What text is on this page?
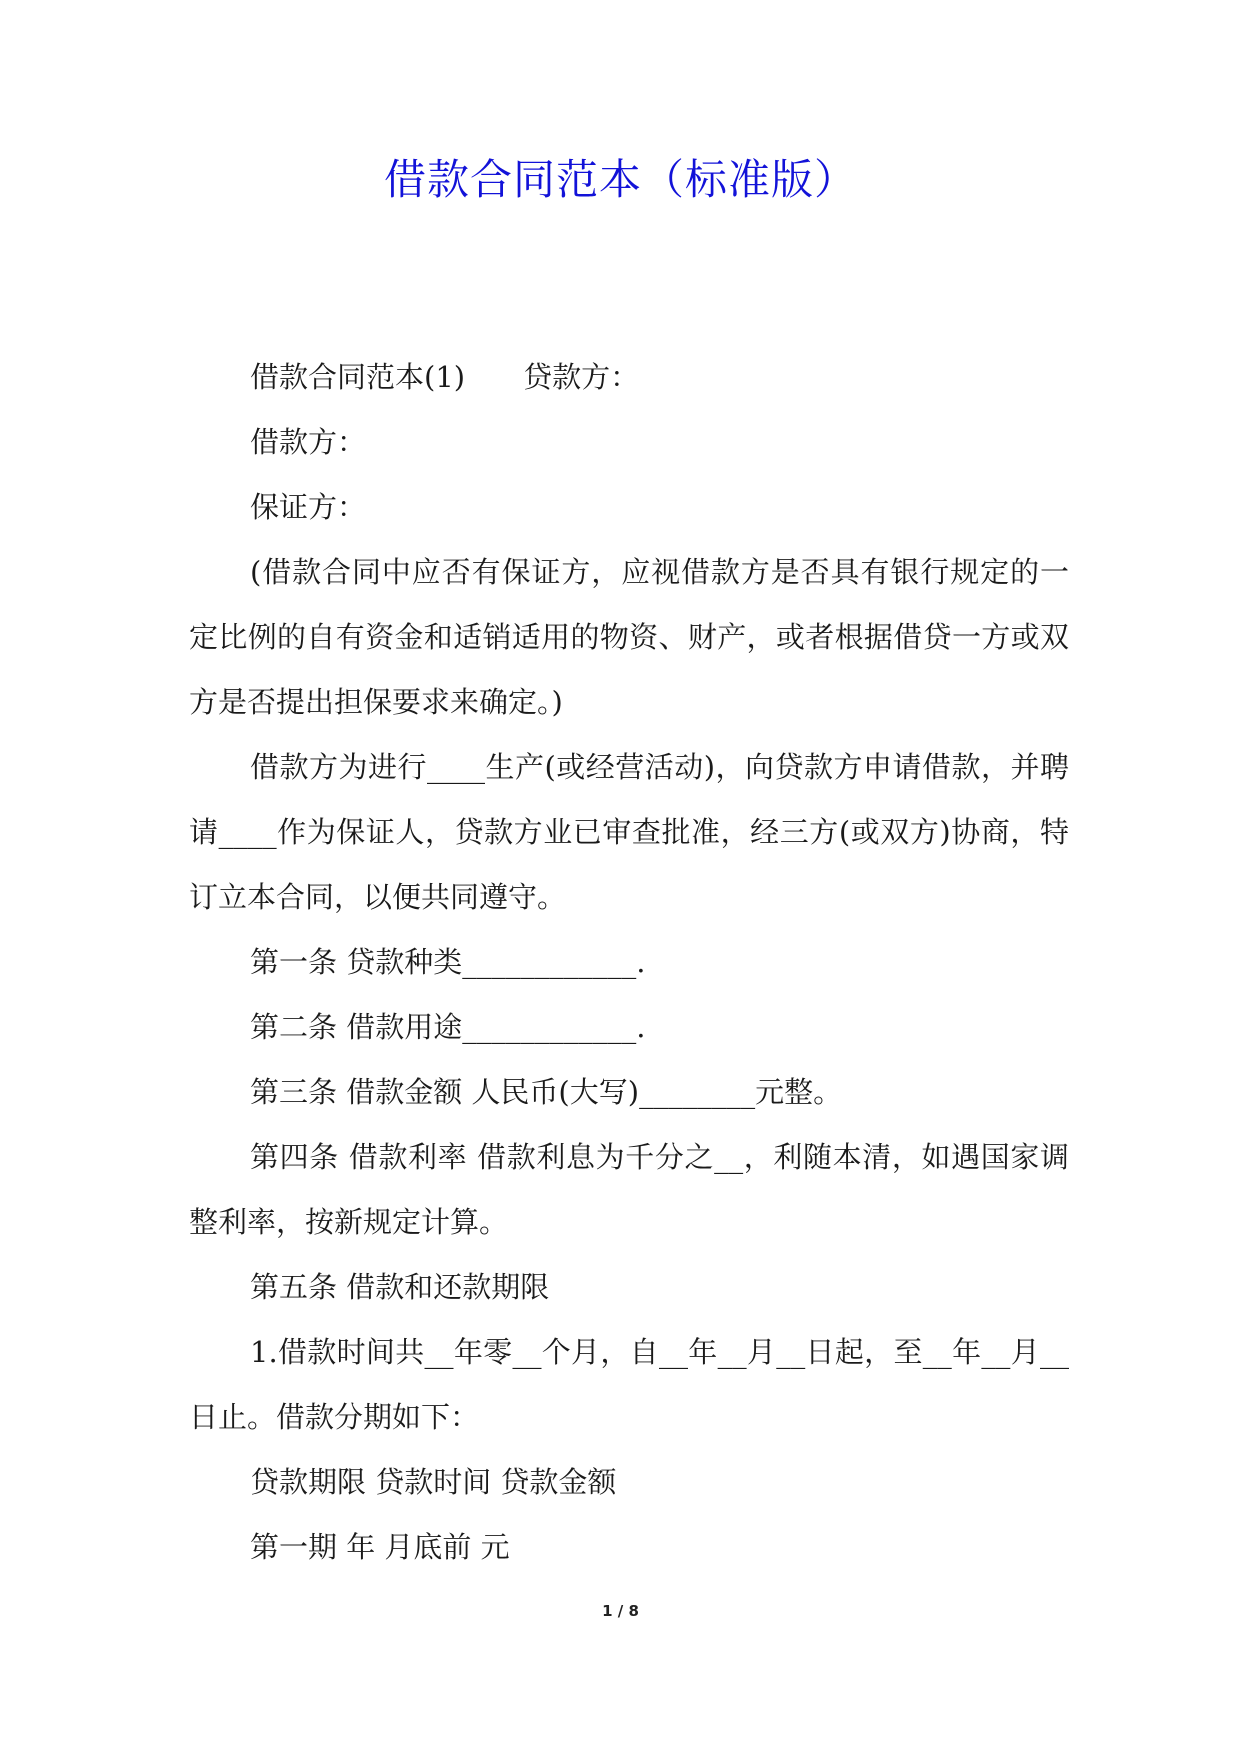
借款合同范本（标准版）

借款合同范本(1)　　贷款方：

借款方：

保证方：

(借款合同中应否有保证方，应视借款方是否具有银行规定的一定比例的自有资金和适销适用的物资、财产，或者根据借贷一方或双方是否提出担保要求来确定。)

借款方为进行____生产(或经营活动)，向贷款方申请借款，并聘请____作为保证人，贷款方业已审查批准，经三方(或双方)协商，特订立本合同，以便共同遵守。

第一条 贷款种类____________.

第二条 借款用途____________.

第三条 借款金额 人民币(大写)________元整。

第四条 借款利率 借款利息为千分之__，利随本清，如遇国家调整利率，按新规定计算。

第五条 借款和还款期限

1.借款时间共__年零__个月，自__年__月__日起，至__年__月__日止。借款分期如下：

贷款期限 贷款时间 贷款金额

第一期 年 月底前 元

1 / 8
